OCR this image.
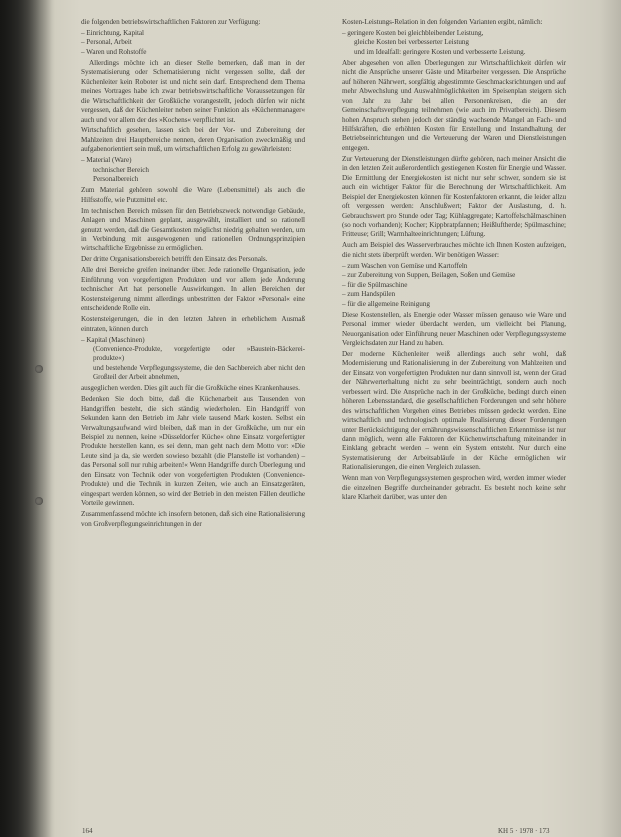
die folgenden betriebswirtschaftlichen Faktoren zur Verfügung:

– Einrichtung, Kapital
– Personal, Arbeit
– Waren und Rohstoffe

Allerdings möchte ich an dieser Stelle bemerken, daß man in der Systematisierung oder Schematisierung nicht vergessen sollte, daß der Küchenleiter kein Roboter ist und nicht sein darf. Entsprechend dem Thema meines Vortrages habe ich zwar betriebswirtschaftliche Voraussetzungen für die Wirtschaftlichkeit der Großküche vorangestellt, jedoch dürfen wir nicht vergessen, daß der Küchenleiter neben seiner Funktion als »Küchenmanager« auch und vor allem der des »Kochens« verpflichtet ist.

Wirtschaftlich gesehen, lassen sich bei der Vor- und Zubereitung der Mahlzeiten drei Hauptbereiche nennen, deren Organisation zweckmäßig und aufgabenorientiert sein muß, um wirtschaftlichen Erfolg zu gewährleisten:

– Material (Ware)
technischer Bereich
Personalbereich

Zum Material gehören sowohl die Ware (Lebensmittel) als auch die Hilfsstoffe, wie Putzmittel etc.

Im technischen Bereich müssen für den Betriebszweck notwendige Gebäude, Anlagen und Maschinen geplant, ausgewählt, installiert und so rationell genutzt werden, daß die Gesamtkosten möglichst niedrig gehalten werden, um in Verbindung mit ausgewogenen und rationellen Ordnungsprinzipien wirtschaftliche Ergebnisse zu ermöglichen.

Der dritte Organisationsbereich betrifft den Einsatz des Personals.

Alle drei Bereiche greifen ineinander über. Jede rationelle Organisation, jede Einführung von vorgefertigten Produkten und vor allem jede Änderung technischer Art hat personelle Auswirkungen. In allen Bereichen der Kostensteigerung nimmt allerdings unbestritten der Faktor »Personal« eine entscheidende Rolle ein.

Kostensteigerungen, die in den letzten Jahren in erheblichem Ausmaß eintraten, können durch

– Kapital (Maschinen)
(Convenience-Produkte, vorgefertigte oder »Baustein-Bäckerei-produkte«)
und bestehende Verpflegungssysteme, die den Sachbereich aber nicht den Großteil der Arbeit abnehmen,

ausgeglichen werden. Dies gilt auch für die Großküche eines Krankenhauses.

Bedenken Sie doch bitte, daß die Küchenarbeit aus Tausenden von Handgriffen besteht, die sich ständig wiederholen. Ein Handgriff von Sekunden kann den Betrieb im Jahr viele tausend Mark kosten. Selbst ein Verwaltungsaufwand wird bleiben, daß man in der Großküche, um nur ein Beispiel zu nennen, keine »Düsseldorfer Küche« ohne Einsatz vorgefertigter Produkte herstellen kann, es sei denn, man geht nach dem Motto vor: »Die Leute sind ja da, sie werden sowieso bezahlt (die Planstelle ist vorhanden) – das Personal soll nur ruhig arbeiten!« Wenn Handgriffe durch Überlegung und den Einsatz von Technik oder von vorgefertigten Produkten (Convenience-Produkte) und die Technik in kurzen Zeiten, wie auch an Einsatzgeräten, eingespart werden können, so wird der Betrieb in den meisten Fällen deutliche Vorteile gewinnen.

Zusammenfassend möchte ich insofern betonen, daß sich eine Rationalisierung von Großverpflegungseinrichtungen in der

Kosten-Leistungs-Relation in den folgenden Varianten ergibt, nämlich:

– geringere Kosten bei gleichbleibender Leistung,
gleiche Kosten bei verbesserter Leistung
und im Idealfall: geringere Kosten und verbesserte Leistung.

Aber abgesehen von allen Überlegungen zur Wirtschaftlichkeit dürfen wir nicht die Ansprüche unserer Gäste und Mitarbeiter vergessen. Die Ansprüche auf höheren Nährwert, sorgfältig abgestimmte Geschmacksrichtungen und auf mehr Abwechslung und Auswahlmöglichkeiten im Speisenplan steigern sich von Jahr zu Jahr bei allen Personenkreisen, die an der Gemeinschaftsverpflegung teilnehmen (wie auch im Privatbereich). Diesem hohen Anspruch stehen jedoch der ständig wachsende Mangel an Fach- und Hilfskräften, die erhöhten Kosten für Erstellung und Instandhaltung der Betriebseinrichtungen und die Verteuerung der Waren und Dienstleistungen entgegen.

Zur Verteuerung der Dienstleistungen dürfte gehören, nach meiner Ansicht die in den letzten Zeit außerordentlich gestiegenen Kosten für Energie und Wasser. Die Ermittlung der Energiekosten ist nicht nur sehr schwer, sondern sie ist auch ein wichtiger Faktor für die Berechnung der Wirtschaftlichkeit. Am Beispiel der Energiekosten können für Kostenfaktoren erkannt, die leider allzu oft vergessen werden: Anschlußwert; Faktor der Auslastung, d. h. Gebrauchswert pro Stunde oder Tag; Kühlaggregate; Kartoffelschälmaschinen (so noch vorhanden); Kocher; Kippbratpfannen; Heißluftherde; Spülmaschine; Fritteuse; Grill; Warmhalteeinrichtungen; Lüftung.

Auch am Beispiel des Wasserverbrauches möchte ich Ihnen Kosten aufzeigen, die nicht stets überprüft werden. Wir benötigen Wasser:

– zum Waschen von Gemüse und Kartoffeln
– zur Zubereitung von Suppen, Beilagen, Soßen und Gemüse
– für die Spülmaschine
– zum Handspülen
– für die allgemeine Reinigung

Diese Kostenstellen, als Energie oder Wasser müssen genauso wie Ware und Personal immer wieder überdacht werden, um vielleicht bei Planung, Neuorganisation oder Einführung neuer Maschinen oder Verpflegungssysteme Vergleichsdaten zur Hand zu haben.

Der moderne Küchenleiter weiß allerdings auch sehr wohl, daß Modernisierung und Rationalisierung in der Zubereitung von Mahlzeiten und der Einsatz von vorgefertigten Produkten nur dann sinnvoll ist, wenn der Grad der Nährwerterhaltung nicht zu sehr beeinträchtigt, sondern auch noch verbessert wird. Die Ansprüche nach in der Großküche, bedingt durch einen höheren Lebensstandard, die gesellschaftlichen Forderungen und sehr höhere des wirtschaftlichen Vorgehen eines Betriebes müssen gedeckt werden. Eine wirtschaftlich und technologisch optimale Realisierung dieser Forderungen unter Berücksichtigung der ernährungswissenschaftlichen Erkenntnisse ist nur dann möglich, wenn alle Faktoren der Küchenwirtschaftung miteinander in Einklang gebracht werden – wenn ein System entsteht. Nur durch eine Systematisierung der Arbeitsabläufe in der Küche ermöglichen wir Rationalisierungen, die einen Vergleich zulassen.

Wenn man von Verpflegungssystemen gesprochen wird, werden immer wieder die einzelnen Begriffe durcheinander gebracht. Es besteht noch keine sehr klare Klarheit darüber, was unter den

164	KH 5 · 1978 · 173
